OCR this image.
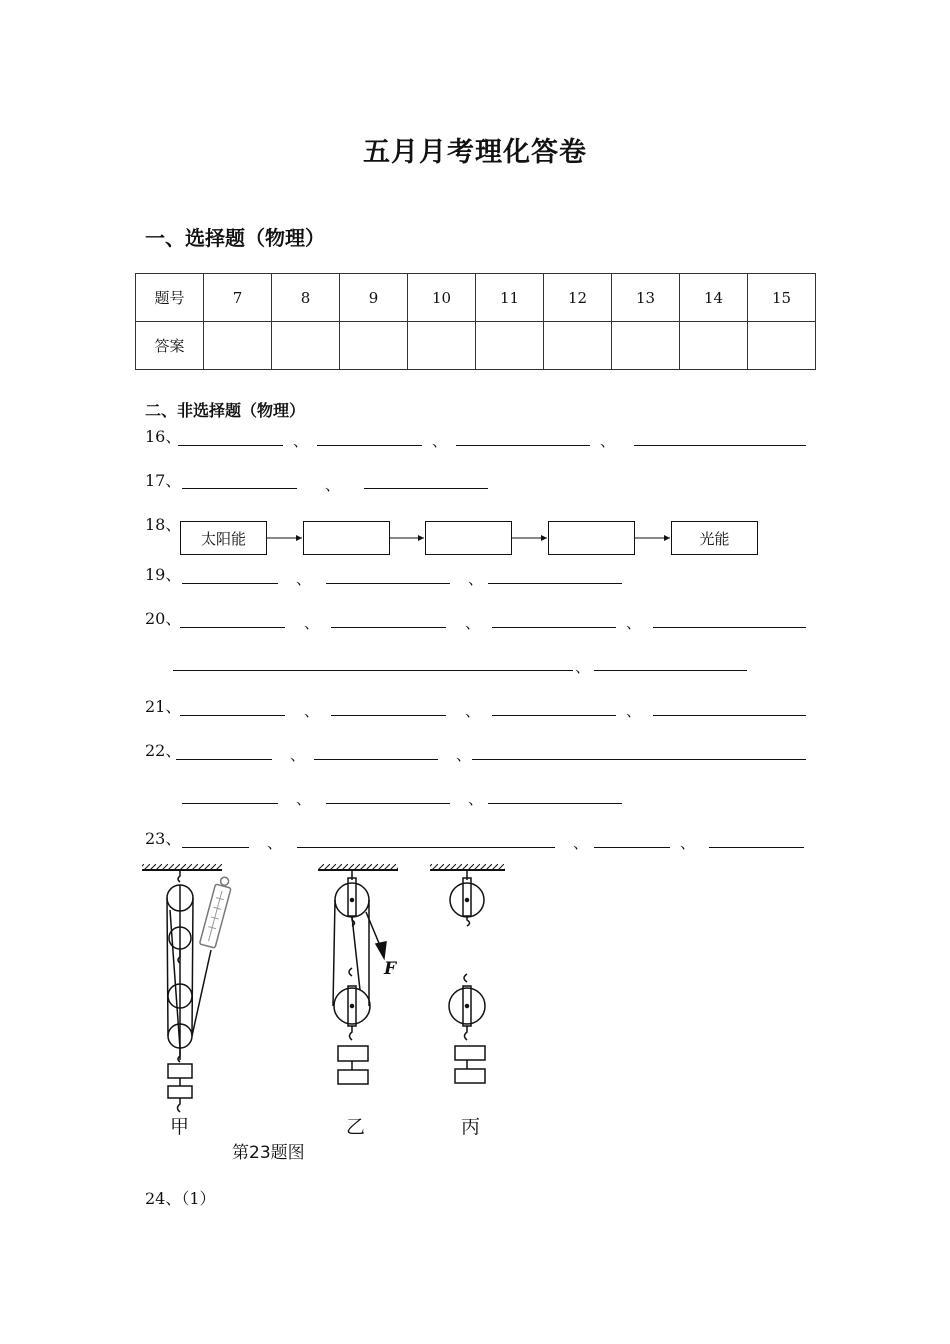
五月月考理化答卷
一、选择题（物理）
题号	7	8	9	10	11	12	13	14	15
答案									
二、非选择题（物理）
16、	、	、	、
17、	、
18、
太阳能	光能
19、	、	、
20、	、	、	、
、
21、	、	、	、
22、	、	、
、	、
23、	、	、	、
F
甲	乙	丙
第23题图
24、（1）
